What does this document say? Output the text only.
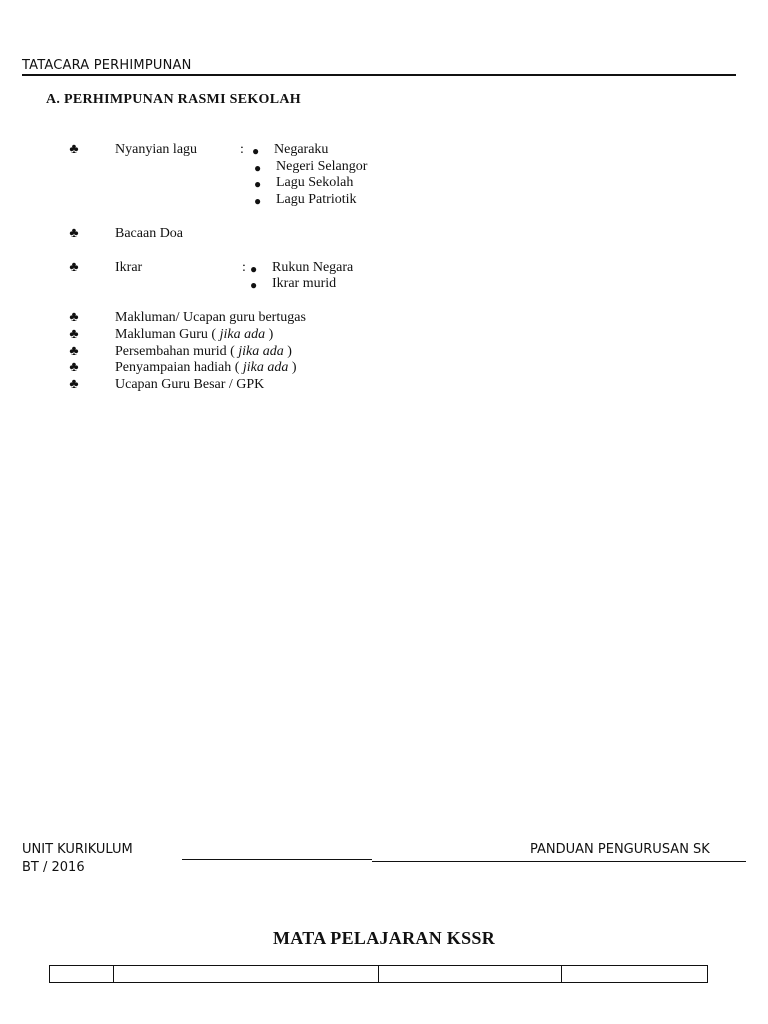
TATACARA PERHIMPUNAN
A. PERHIMPUNAN RASMI SEKOLAH
♣	Nyanyian lagu	: ● Negaraku
● Negeri Selangor
● Lagu Sekolah
● Lagu Patriotik
♣	Bacaan Doa
♣	Ikrar	: ● Rukun Negara
● Ikrar murid
♣	Makluman/ Ucapan guru bertugas
♣	Makluman Guru ( jika ada )
♣	Persembahan murid ( jika ada )
♣	Penyampaian hadiah ( jika ada )
♣	Ucapan Guru Besar / GPK
UNIT KURIKULUM
BT / 2016
PANDUAN PENGURUSAN SK
MATA PELAJARAN KSSR
